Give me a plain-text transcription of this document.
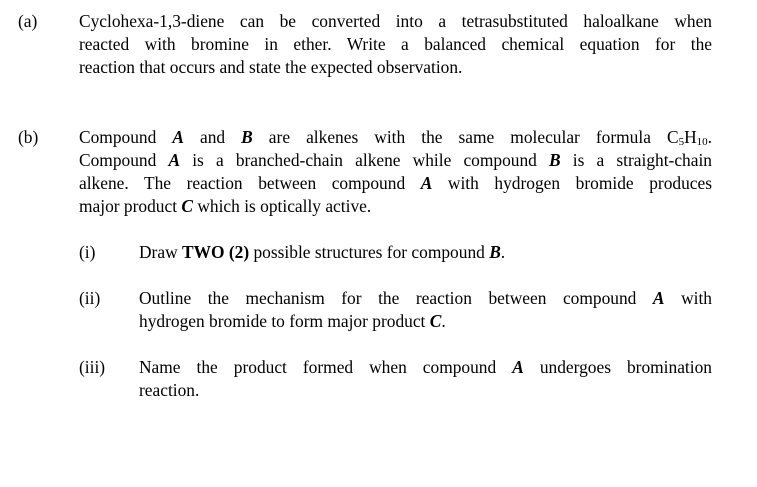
(a) Cyclohexa-1,3-diene can be converted into a tetrasubstituted haloalkane when
reacted with bromine in ether. Write a balanced chemical equation for the
reaction that occurs and state the expected observation.
(b) Compound A and B are alkenes with the same molecular formula $C_5H_{10}$.
Compound A is a branched-chain alkene while compound B is a straight-chain
alkene. The reaction between compound A with hydrogen bromide produces
major product C which is optically active.
(i)	Draw TWO (2) possible structures for compound B.
(ii) Outline the mechanism for the reaction between compound A with
hydrogen bromide to form major product C.
(iii) Name the product formed when compound A undergoes bromination
reaction.
